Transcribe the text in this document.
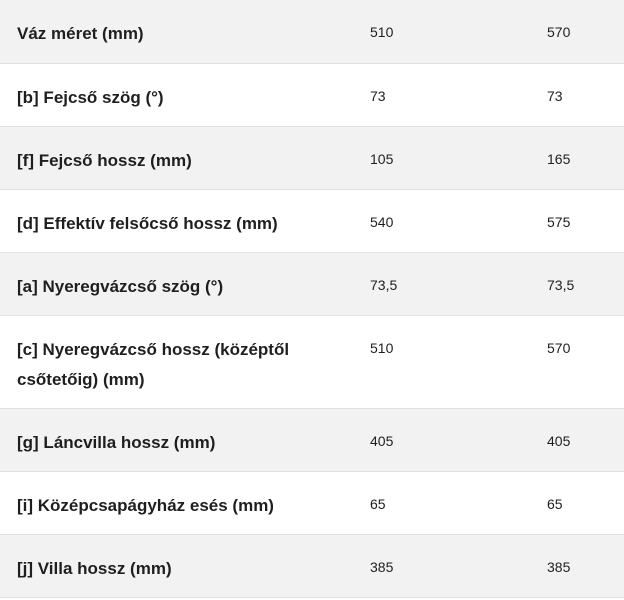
Váz méret (mm)	510	570
[b] Fejcső szög (°)	73	73
[f] Fejcső hossz (mm)	105	165
[d] Effektív felsőcső hossz (mm)	540	575
[a] Nyeregvázcső szög (°)	73,5	73,5
[c] Nyeregvázcső hossz (középtől csőtetőig) (mm)	510	570
[g] Láncvilla hossz (mm)	405	405
[i] Középcsapágyház esés (mm)	65	65
[j] Villa hossz (mm)	385	385
